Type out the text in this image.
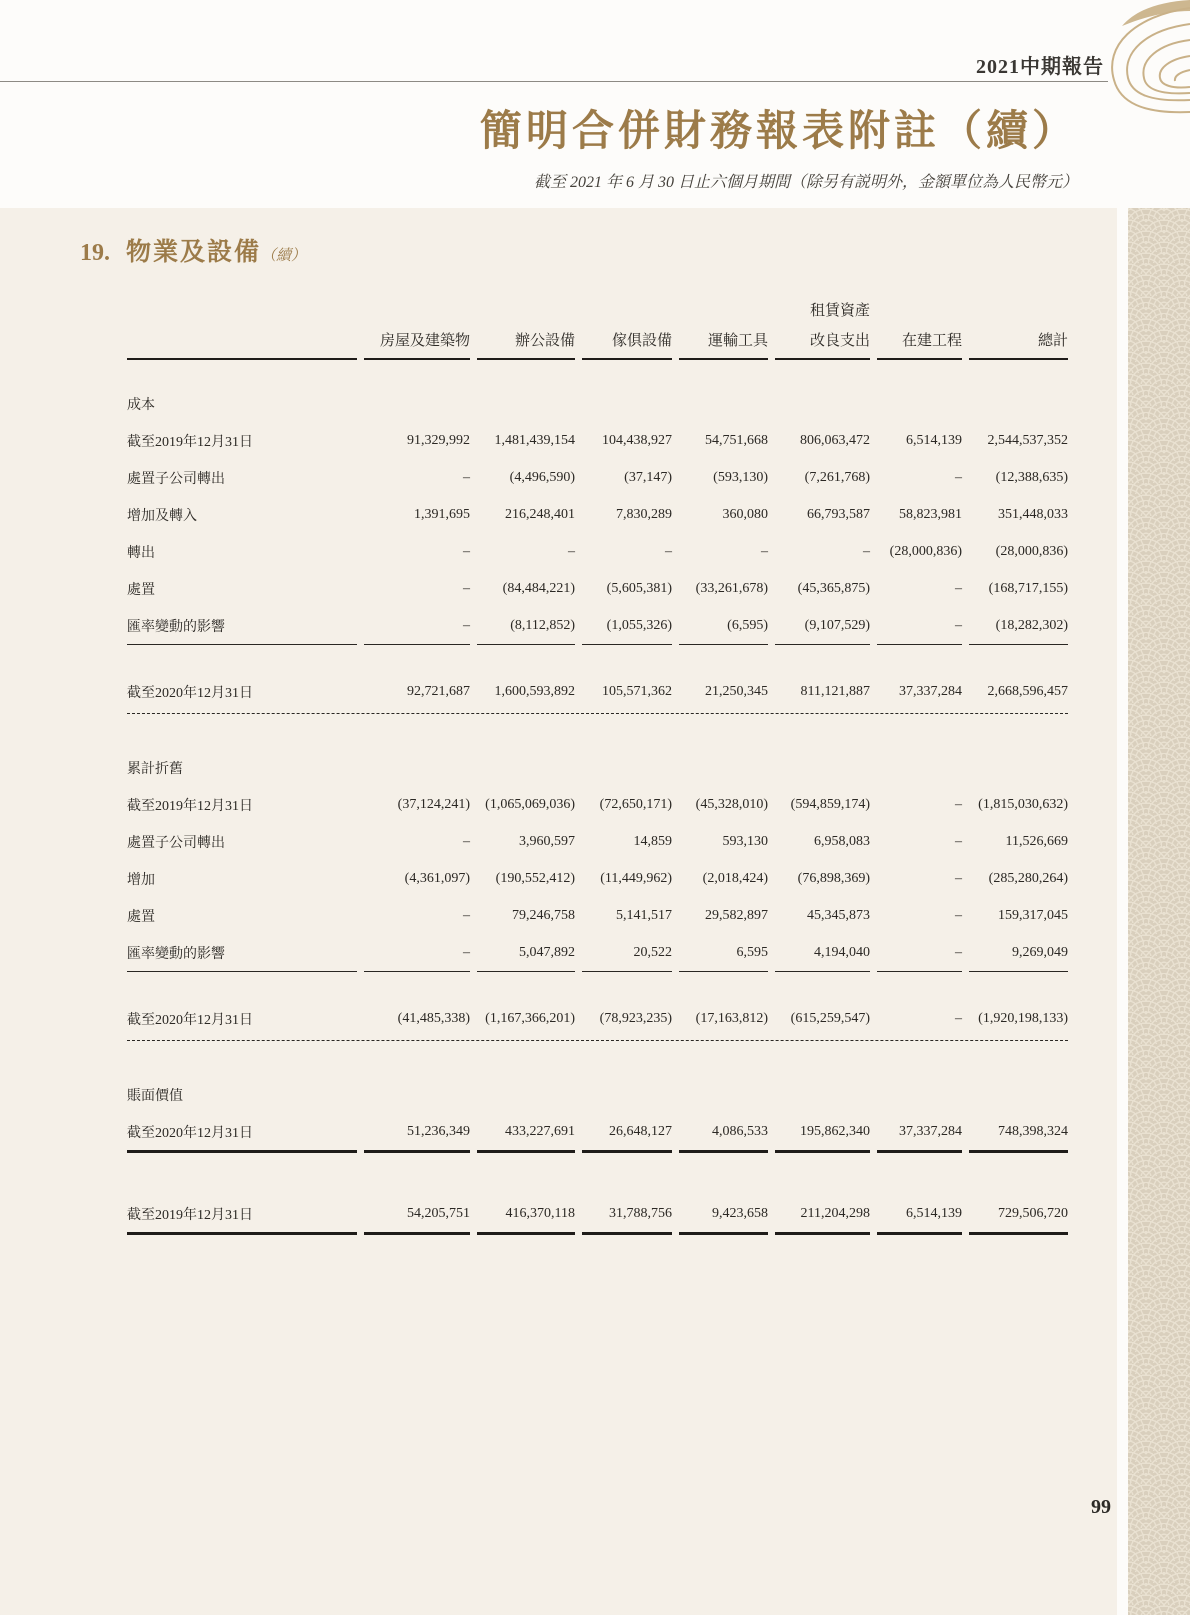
2021中期報告
簡明合併財務報表附註（續）
截至 2021 年 6 月 30 日止六個月期間（除另有説明外，金額單位為人民幣元）
19. 物業及設備（續）
					租賃資產		
	房屋及建築物	辦公設備	傢俱設備	運輸工具	改良支出	在建工程	總計

成本							
截至2019年12月31日	91,329,992	1,481,439,154	104,438,927	54,751,668	806,063,472	6,514,139	2,544,537,352
處置子公司轉出	–	(4,496,590)	(37,147)	(593,130)	(7,261,768)	–	(12,388,635)
增加及轉入	1,391,695	216,248,401	7,830,289	360,080	66,793,587	58,823,981	351,448,033
轉出	–	–	–	–	–	(28,000,836)	(28,000,836)
處置	–	(84,484,221)	(5,605,381)	(33,261,678)	(45,365,875)	–	(168,717,155)
匯率變動的影響	–	(8,112,852)	(1,055,326)	(6,595)	(9,107,529)	–	(18,282,302)

截至2020年12月31日	92,721,687	1,600,593,892	105,571,362	21,250,345	811,121,887	37,337,284	2,668,596,457

累計折舊							
截至2019年12月31日	(37,124,241)	(1,065,069,036)	(72,650,171)	(45,328,010)	(594,859,174)	–	(1,815,030,632)
處置子公司轉出	–	3,960,597	14,859	593,130	6,958,083	–	11,526,669
增加	(4,361,097)	(190,552,412)	(11,449,962)	(2,018,424)	(76,898,369)	–	(285,280,264)
處置	–	79,246,758	5,141,517	29,582,897	45,345,873	–	159,317,045
匯率變動的影響	–	5,047,892	20,522	6,595	4,194,040	–	9,269,049

截至2020年12月31日	(41,485,338)	(1,167,366,201)	(78,923,235)	(17,163,812)	(615,259,547)	–	(1,920,198,133)

賬面價值							
截至2020年12月31日	51,236,349	433,227,691	26,648,127	4,086,533	195,862,340	37,337,284	748,398,324

截至2019年12月31日	54,205,751	416,370,118	31,788,756	9,423,658	211,204,298	6,514,139	729,506,720
99
